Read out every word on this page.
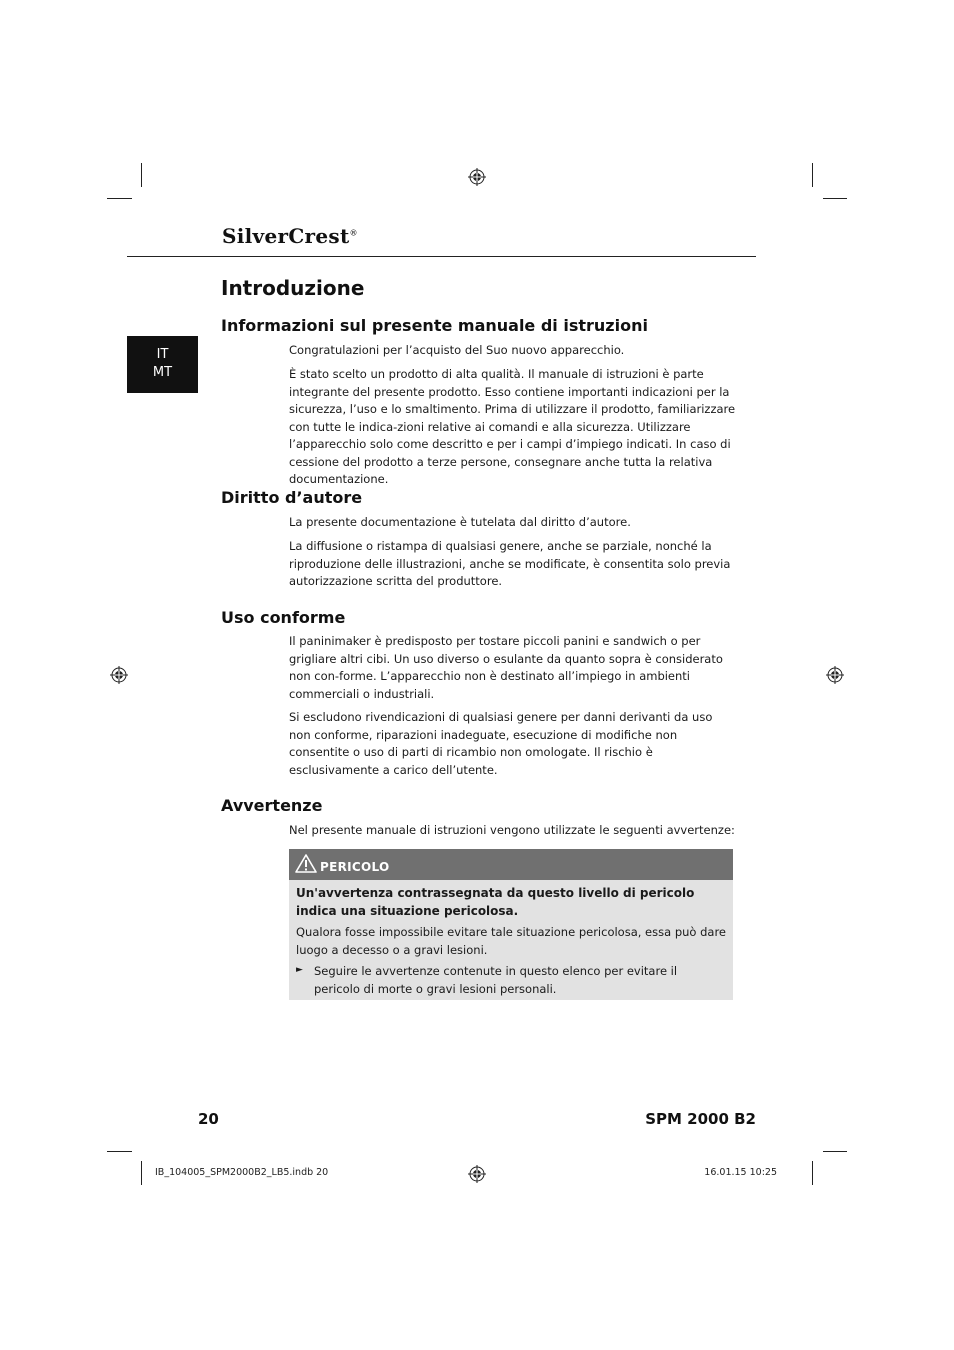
SilverCrest®
IT
MT
Introduzione
Informazioni sul presente manuale di istruzioni

Congratulazioni per l’acquisto del Suo nuovo apparecchio.

È stato scelto un prodotto di alta qualità. Il manuale di istruzioni è parte integrante del presente prodotto. Esso contiene importanti indicazioni per la sicurezza, l’uso e lo smaltimento. Prima di utilizzare il prodotto, familiarizzare con tutte le indica-zioni relative ai comandi e alla sicurezza. Utilizzare l’apparecchio solo come descritto e per i campi d’impiego indicati. In caso di cessione del prodotto a terze persone, consegnare anche tutta la relativa documentazione.

Diritto d’autore

La presente documentazione è tutelata dal diritto d’autore.

La diffusione o ristampa di qualsiasi genere, anche se parziale, nonché la riproduzione delle illustrazioni, anche se modificate, è consentita solo previa autorizzazione scritta del produttore.

Uso conforme

Il paninimaker è predisposto per tostare piccoli panini e sandwich o per grigliare altri cibi. Un uso diverso o esulante da quanto sopra è considerato non con-forme. L’apparecchio non è destinato all’impiego in ambienti commerciali o industriali.

Si escludono rivendicazioni di qualsiasi genere per danni derivanti da uso non conforme, riparazioni inadeguate, esecuzione di modifiche non consentite o uso di parti di ricambio non omologate. Il rischio è esclusivamente a carico dell’utente.

Avvertenze

Nel presente manuale di istruzioni vengono utilizzate le seguenti avvertenze:

PERICOLO

Un'avvertenza contrassegnata da questo livello di pericolo indica una situazione pericolosa.

Qualora fosse impossibile evitare tale situazione pericolosa, essa può dare luogo a decesso o a gravi lesioni.

► Seguire le avvertenze contenute in questo elenco per evitare il pericolo di morte o gravi lesioni personali.

20	SPM 2000 B2
IB_104005_SPM2000B2_LB5.indb 20	16.01.15 10:25
